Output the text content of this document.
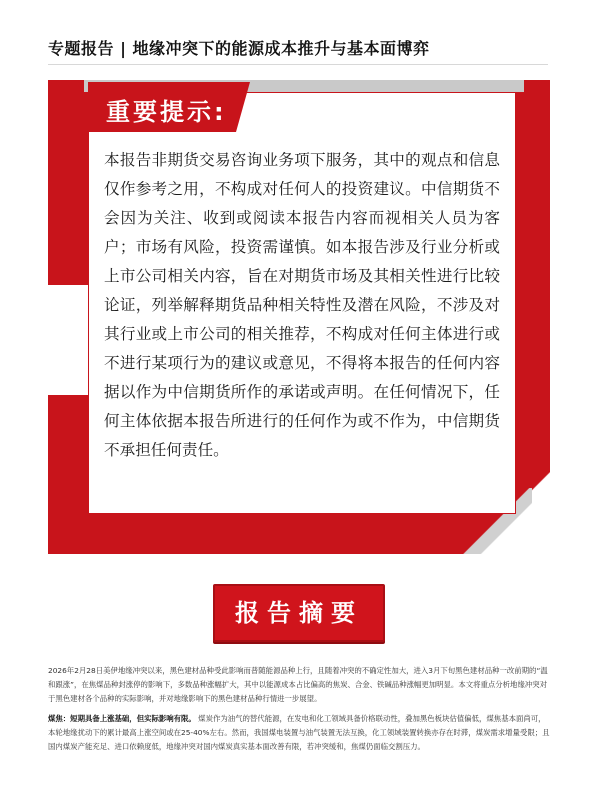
专题报告 | 地缘冲突下的能源成本推升与基本面博弈
重要提示:
本报告非期货交易咨询业务项下服务，其中的观点和信息仅作参考之用，不构成对任何人的投资建议。中信期货不会因为关注、收到或阅读本报告内容而视相关人员为客户；市场有风险，投资需谨慎。如本报告涉及行业分析或上市公司相关内容，旨在对期货市场及其相关性进行比较论证，列举解释期货品种相关特性及潜在风险，不涉及对其行业或上市公司的相关推荐，不构成对任何主体进行或不进行某项行为的建议或意见，不得将本报告的任何内容据以作为中信期货所作的承诺或声明。在任何情况下，任何主体依据本报告所进行的任何作为或不作为，中信期货不承担任何责任。
报告摘要
2026年2月28日美伊地缘冲突以来，黑色建材品种受此影响而普随能源品种上行，且随着冲突的不确定性加大，进入3月下旬黑色建材品种一改前期的“温和跟涨”，在焦煤品种封涨停的影响下，多数品种涨幅扩大，其中以能源成本占比偏高的焦炭、合金、铁碱品种涨幅更加明显。本文将重点分析地缘冲突对于黑色建材各个品种的实际影响，并对地缘影响下的黑色建材品种行情进一步展望。
煤焦：短期具备上涨基础，但实际影响有限。 煤炭作为油气的替代能源，在发电和化工领域具备价格联动性，叠加黑色板块估值偏低，煤焦基本面尚可，本轮地缘扰动下的累计最高上涨空间或在25-40%左右。然而，我国煤电装置与油气装置无法互换，化工领域装置转换亦存在时滞，煤炭需求增量受限；且国内煤炭产能充足、进口依赖度低，地缘冲突对国内煤炭真实基本面改善有限，若冲突缓和，焦煤仍面临交割压力。
